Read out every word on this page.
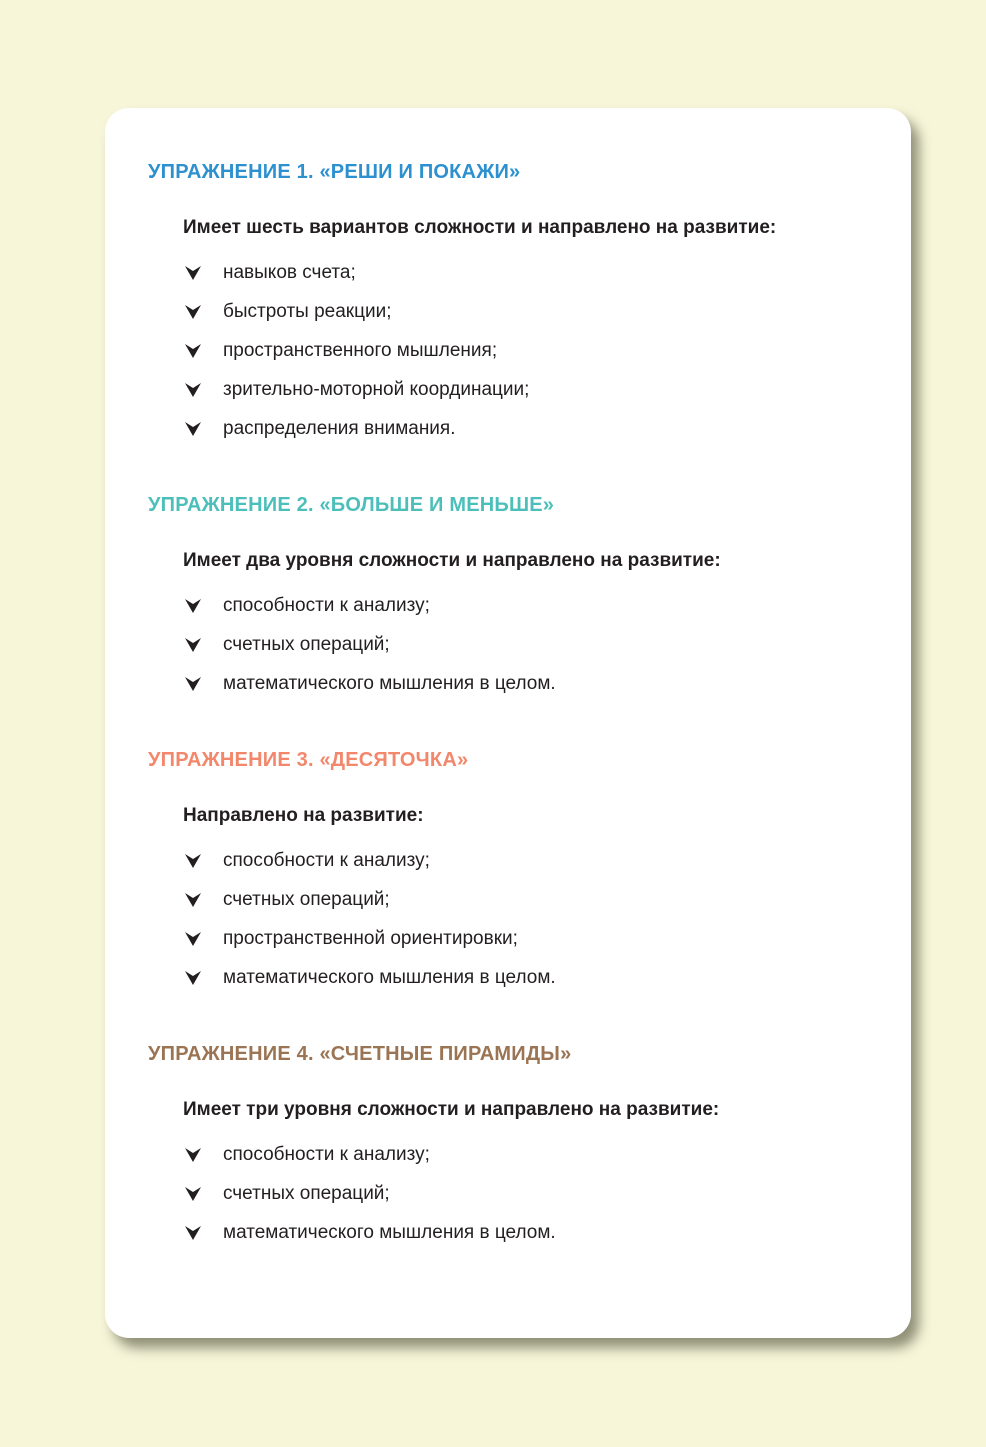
УПРАЖНЕНИЕ 1. «РЕШИ И ПОКАЖИ»
Имеет шесть вариантов сложности и направлено на развитие:
навыков счета;
быстроты реакции;
пространственного мышления;
зрительно-моторной координации;
распределения внимания.
УПРАЖНЕНИЕ 2. «БОЛЬШЕ И МЕНЬШЕ»
Имеет два уровня сложности и направлено на развитие:
способности к анализу;
счетных операций;
математического мышления в целом.
УПРАЖНЕНИЕ 3. «ДЕСЯТОЧКА»
Направлено на развитие:
способности к анализу;
счетных операций;
пространственной ориентировки;
математического мышления в целом.
УПРАЖНЕНИЕ 4. «СЧЕТНЫЕ ПИРАМИДЫ»
Имеет три уровня сложности и направлено на развитие:
способности к анализу;
счетных операций;
математического мышления в целом.
